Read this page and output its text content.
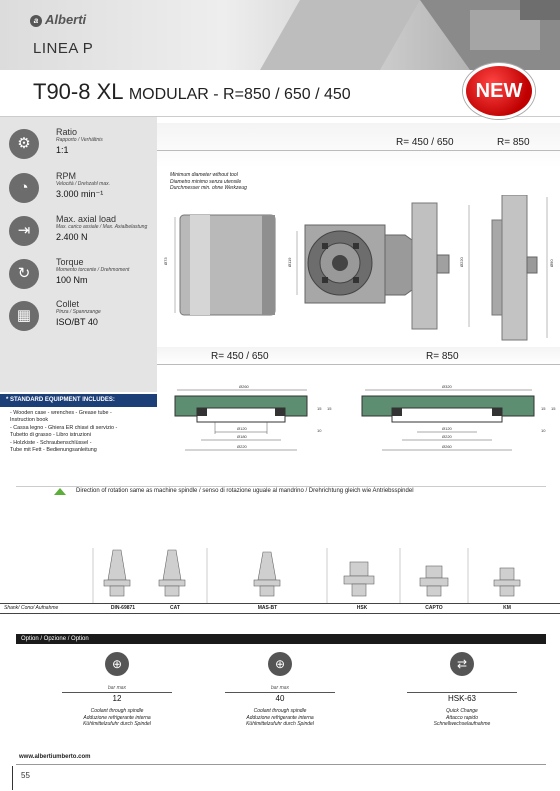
a Alberti
LINEA P
T90-8 XL MODULAR - R=850 / 650 / 450	NEW
⚙
Ratio
Rapporto / Verhältnis
1:1
◔
RPM
Velocità / Drehzahl max.
3.000 min⁻¹
⇥
Max. axial load
Max. carico assiale / Max. Axialbelastung
2.400 N
↻
Torque
Momento torcente / Drehmoment
100 Nm
▦
Collet
Pinza / Spannzange
ISO/BT 40
* STANDARD EQUIPMENT INCLUDES:
- Wooden case - wrenches - Grease tube -
Instruction book
- Cassa legno - Ghiera ER chiavi di servizio -
Tubetto di grasso - Libro istruzioni
- Holzkiste - Schraubenschlüssel -
Tube mit Fett - Bedienungsanleitung
R= 450 / 650	R= 850
Minimum diameter without tool
Diametro minimo senza utensile
Durchmesser min. ohne Werkzeug
Ø73	Ø119	Ø220	Ø90
R= 450 / 650	R= 850
Ø260
Ø120
Ø180
Ø220
15
10
15
Ø320
Ø120
Ø220
Ø260
15
10
15
Direction of rotation same as machine spindle / senso di rotazione uguale al mandrino / Drehrichtung gleich wie Antriebsspindel
Shank/ Cono/ Aufnahme	DIN-69871	CAT	MAS-BT	HSK	CAPTO	KM
Option / Opzione / Option
⊕
bar max
12
Coolant through spindle
Adduzione refrigerante interna
Kühlmittelzufuhr durch Spindel
⊕
bar max
40
Coolant through spindle
Adduzione refrigerante interna
Kühlmittelzufuhr durch Spindel
⇄
HSK-63
Quick Change
Attacco rapido
Schnellwechselaufnahme
www.albertiumberto.com
55
